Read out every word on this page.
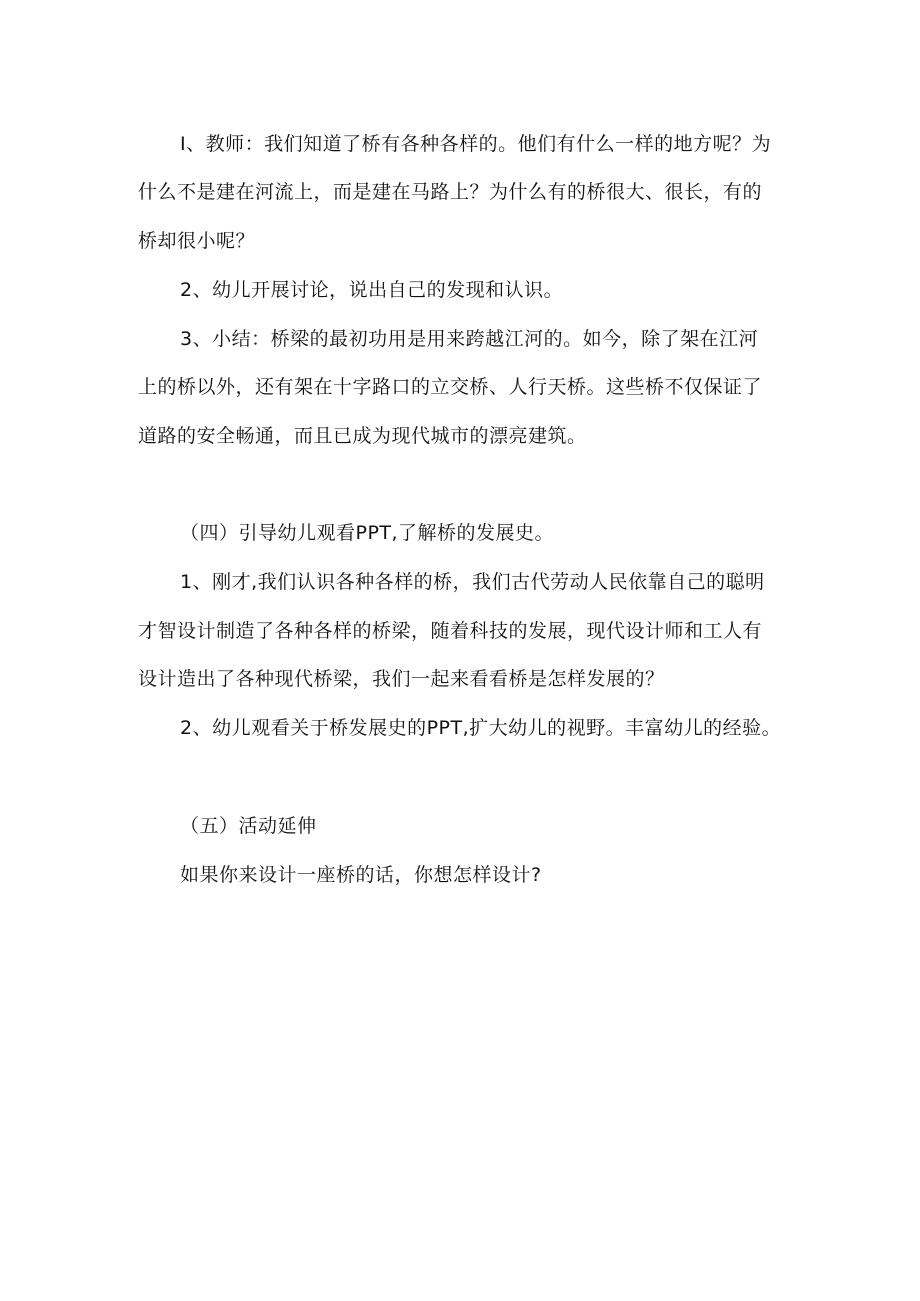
I、教师：我们知道了桥有各种各样的。他们有什么一样的地方呢？为
什么不是建在河流上，而是建在马路上？为什么有的桥很大、很长，有的
桥却很小呢？
2、幼儿开展讨论，说出自己的发现和认识。
3、小结：桥梁的最初功用是用来跨越江河的。如今，除了架在江河
上的桥以外，还有架在十字路口的立交桥、人行天桥。这些桥不仅保证了
道路的安全畅通，而且已成为现代城市的漂亮建筑。
（四）引导幼儿观看PPT,了解桥的发展史。
1、刚才,我们认识各种各样的桥，我们古代劳动人民依靠自己的聪明
才智设计制造了各种各样的桥梁，随着科技的发展，现代设计师和工人有
设计造出了各种现代桥梁，我们一起来看看桥是怎样发展的？
2、幼儿观看关于桥发展史的PPT,扩大幼儿的视野。丰富幼儿的经验。
（五）活动延伸
如果你来设计一座桥的话，你想怎样设计?
